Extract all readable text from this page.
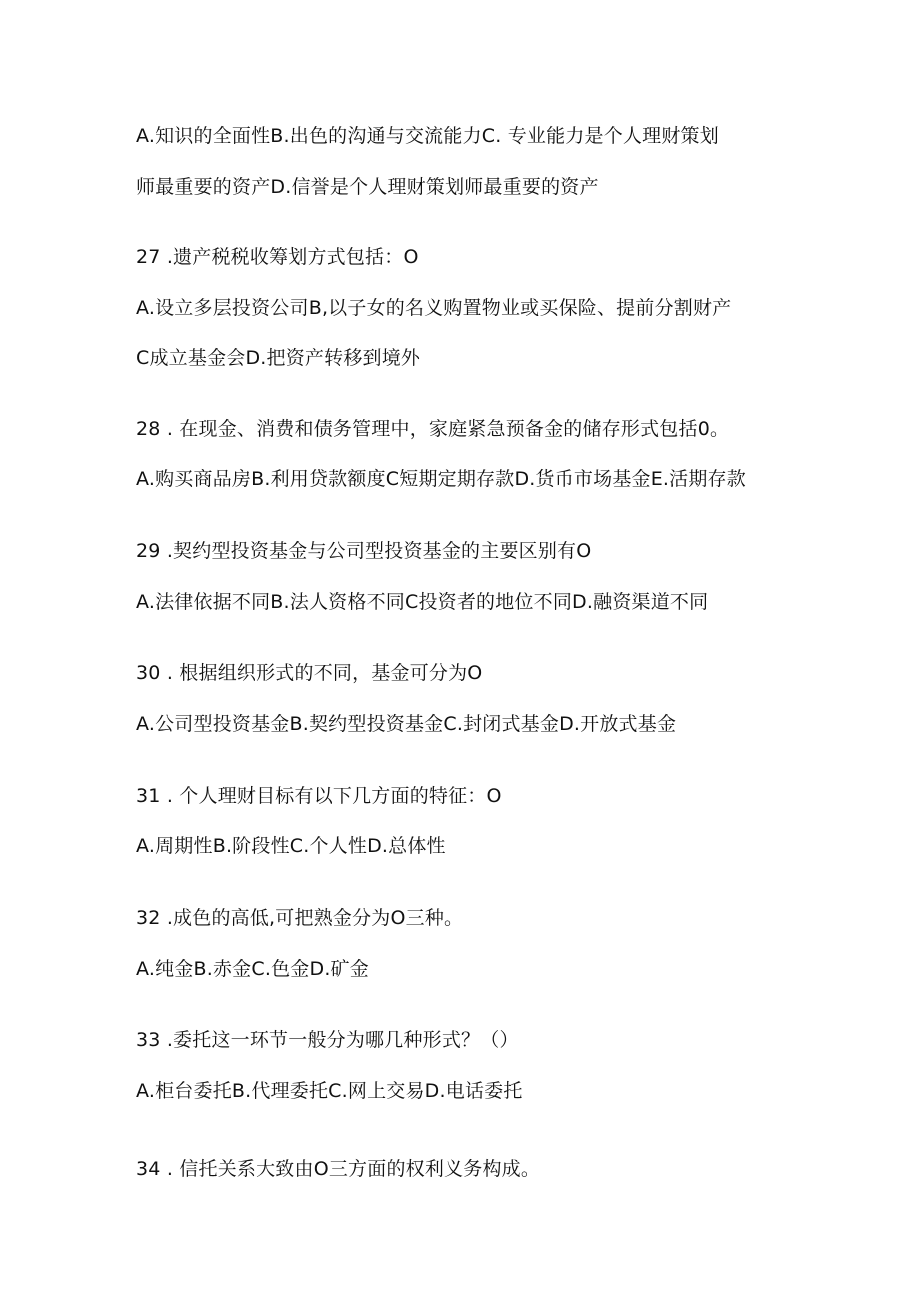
A.知识的全面性B.出色的沟通与交流能力C. 专业能力是个人理财策划
师最重要的资产D.信誉是个人理财策划师最重要的资产
27 .遗产税税收筹划方式包括：O
A.设立多层投资公司B,以子女的名义购置物业或买保险、提前分割财产
C成立基金会D.把资产转移到境外
28 . 在现金、消费和债务管理中，家庭紧急预备金的储存形式包括0。
A.购买商品房B.利用贷款额度C短期定期存款D.货币市场基金E.活期存款
29 .契约型投资基金与公司型投资基金的主要区别有O
A.法律依据不同B.法人资格不同C投资者的地位不同D.融资渠道不同
30 . 根据组织形式的不同，基金可分为O
A.公司型投资基金B.契约型投资基金C.封闭式基金D.开放式基金
31 . 个人理财目标有以下几方面的特征：O
A.周期性B.阶段性C.个人性D.总体性
32 .成色的高低,可把熟金分为O三种。
A.纯金B.赤金C.色金D.矿金
33 .委托这一环节一般分为哪几种形式？（）
A.柜台委托B.代理委托C.网上交易D.电话委托
34 . 信托关系大致由O三方面的权利义务构成。
